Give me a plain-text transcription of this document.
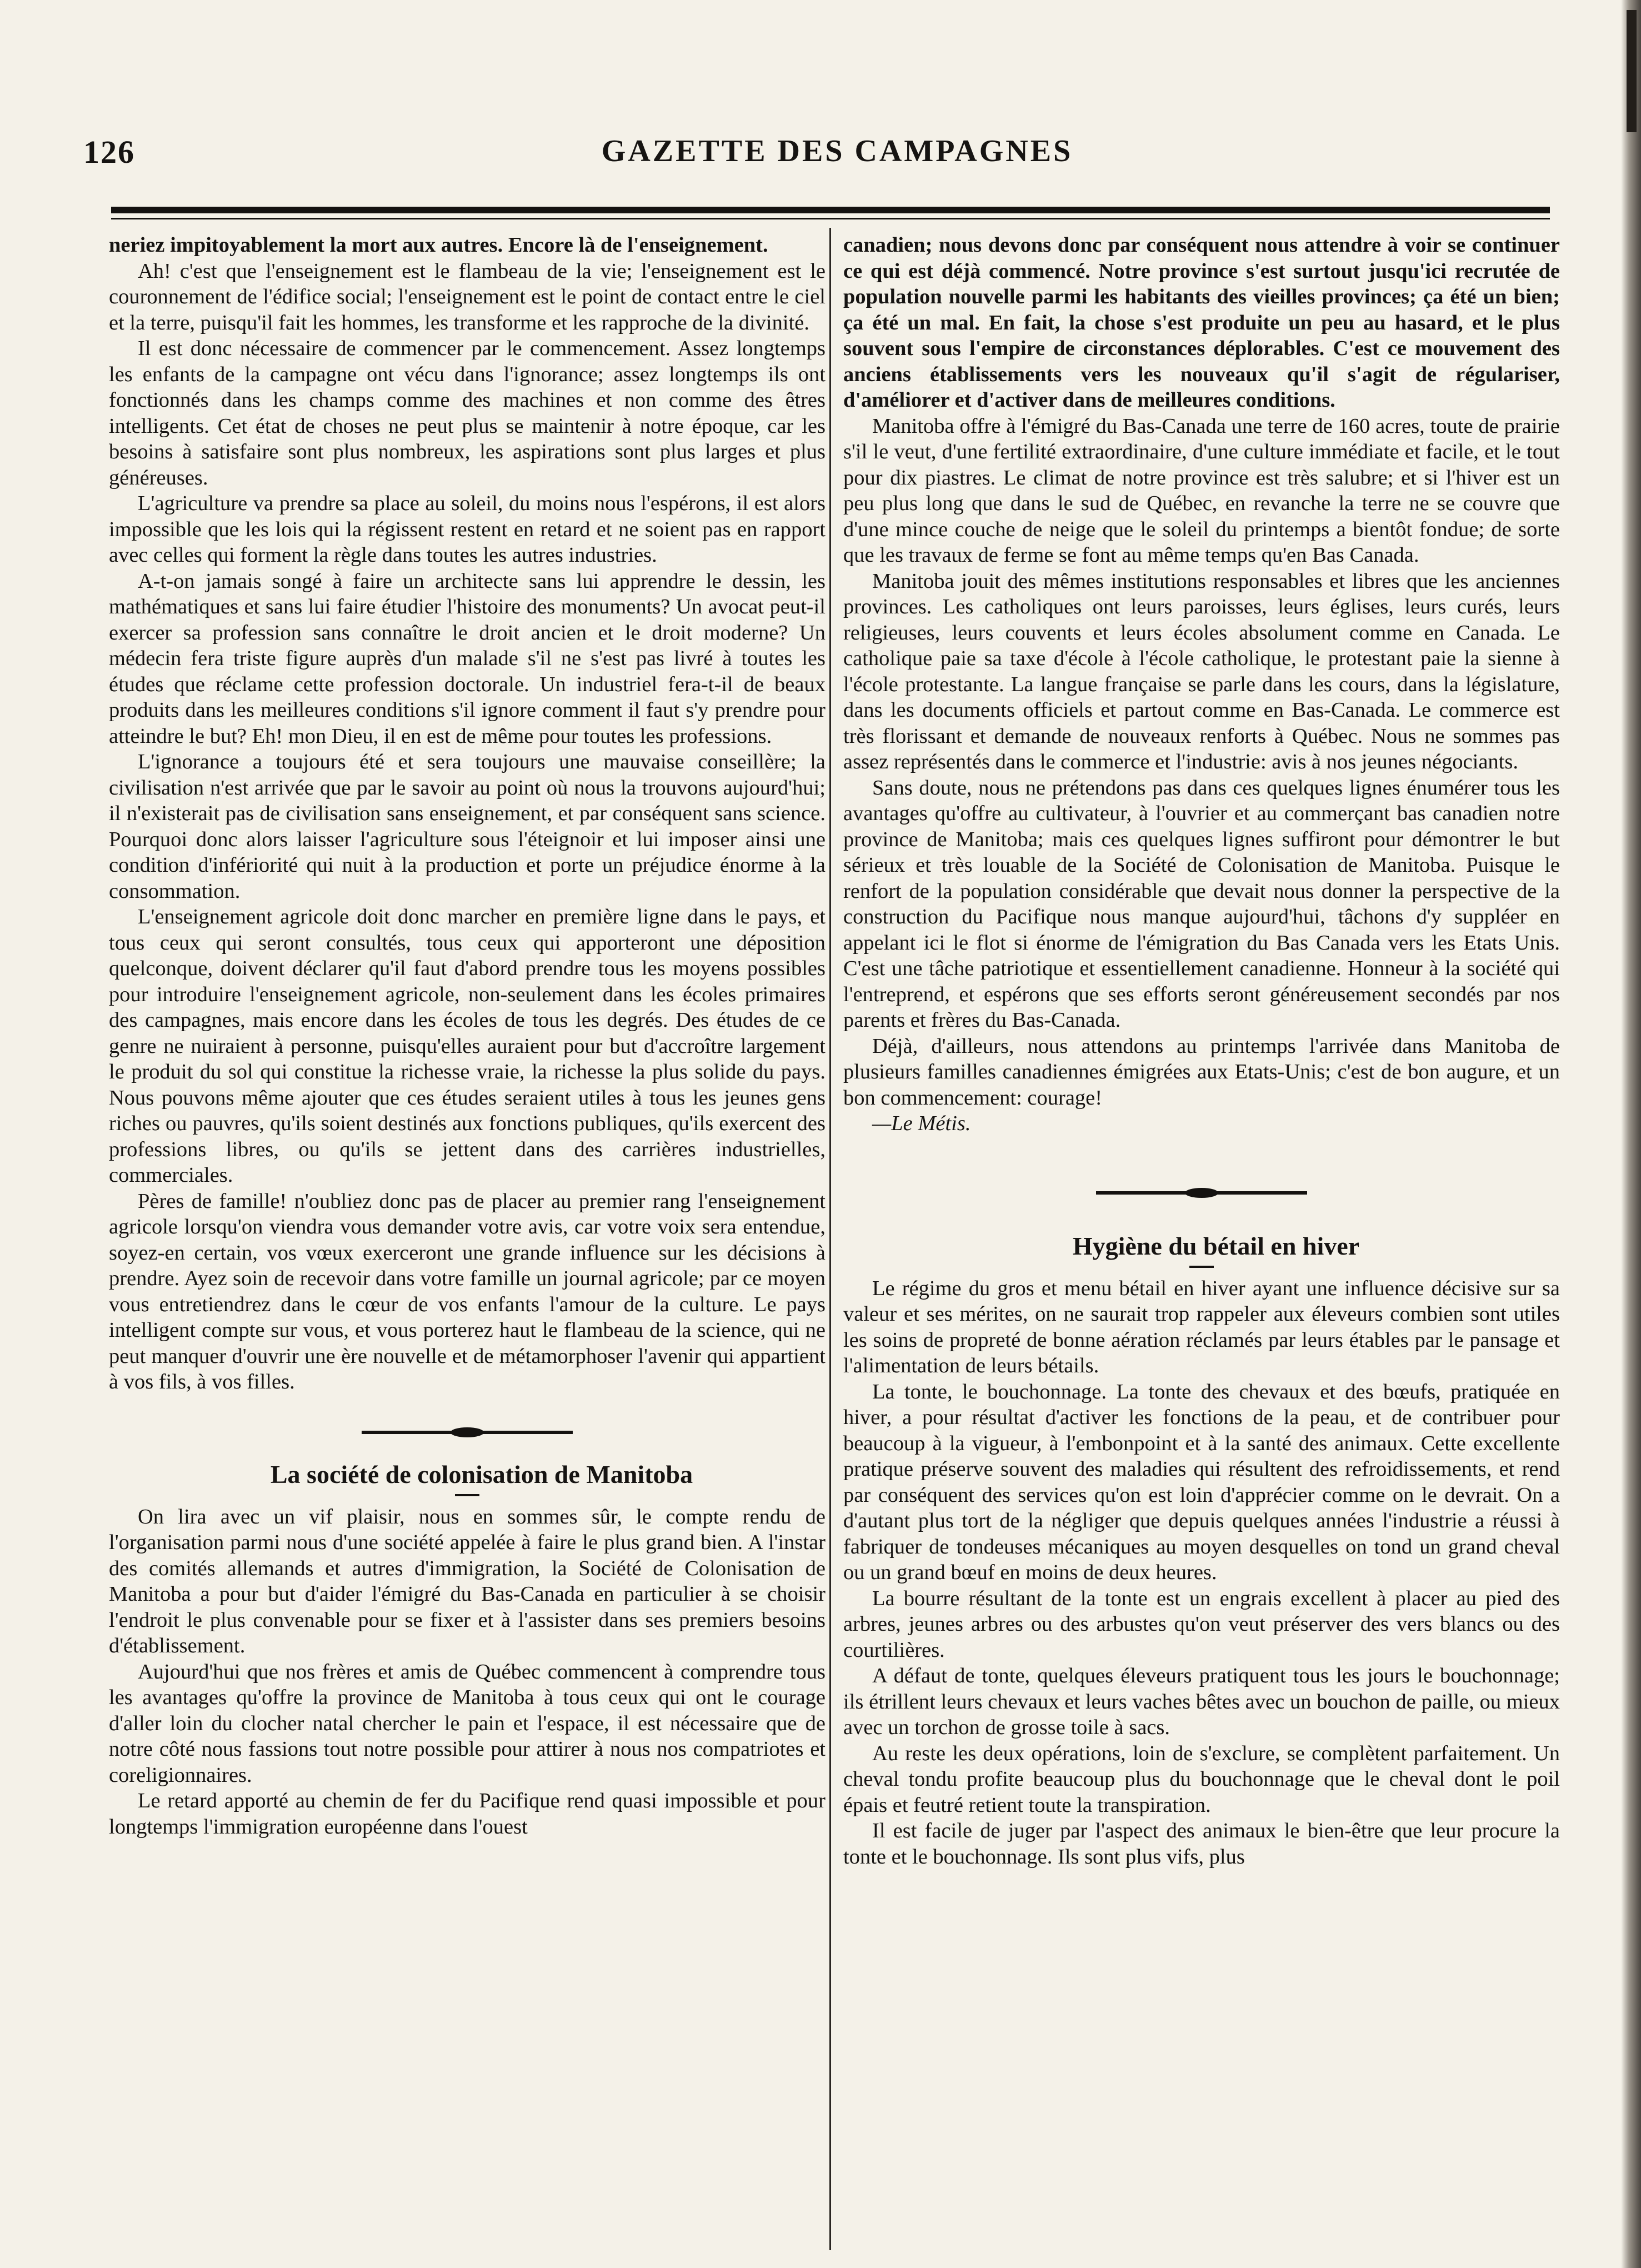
126	GAZETTE DES CAMPAGNES

neriez impitoyablement la mort aux autres. Encore là de l'enseignement.

Ah! c'est que l'enseignement est le flambeau de la vie; l'enseignement est le couronnement de l'édifice social; l'enseignement est le point de contact entre le ciel et la terre, puisqu'il fait les hommes, les transforme et les rapproche de la divinité.

Il est donc nécessaire de commencer par le commencement. Assez longtemps les enfants de la campagne ont vécu dans l'ignorance; assez longtemps ils ont fonctionnés dans les champs comme des machines et non comme des êtres intelligents. Cet état de choses ne peut plus se maintenir à notre époque, car les besoins à satisfaire sont plus nombreux, les aspirations sont plus larges et plus généreuses.

L'agriculture va prendre sa place au soleil, du moins nous l'espérons, il est alors impossible que les lois qui la régissent restent en retard et ne soient pas en rapport avec celles qui forment la règle dans toutes les autres industries.

A-t-on jamais songé à faire un architecte sans lui apprendre le dessin, les mathématiques et sans lui faire étudier l'histoire des monuments? Un avocat peut-il exercer sa profession sans connaître le droit ancien et le droit moderne? Un médecin fera triste figure auprès d'un malade s'il ne s'est pas livré à toutes les études que réclame cette profession doctorale. Un industriel fera-t-il de beaux produits dans les meilleures conditions s'il ignore comment il faut s'y prendre pour atteindre le but? Eh! mon Dieu, il en est de même pour toutes les professions.

L'ignorance a toujours été et sera toujours une mauvaise conseillère; la civilisation n'est arrivée que par le savoir au point où nous la trouvons aujourd'hui; il n'existerait pas de civilisation sans enseignement, et par conséquent sans science. Pourquoi donc alors laisser l'agriculture sous l'éteignoir et lui imposer ainsi une condition d'infériorité qui nuit à la production et porte un préjudice énorme à la consommation.

L'enseignement agricole doit donc marcher en première ligne dans le pays, et tous ceux qui seront consultés, tous ceux qui apporteront une déposition quelconque, doivent déclarer qu'il faut d'abord prendre tous les moyens possibles pour introduire l'enseignement agricole, non-seulement dans les écoles primaires des campagnes, mais encore dans les écoles de tous les degrés. Des études de ce genre ne nuiraient à personne, puisqu'elles auraient pour but d'accroître largement le produit du sol qui constitue la richesse vraie, la richesse la plus solide du pays. Nous pouvons même ajouter que ces études seraient utiles à tous les jeunes gens riches ou pauvres, qu'ils soient destinés aux fonctions publiques, qu'ils exercent des professions libres, ou qu'ils se jettent dans des carrières industrielles, commerciales.

Pères de famille! n'oubliez donc pas de placer au premier rang l'enseignement agricole lorsqu'on viendra vous demander votre avis, car votre voix sera entendue, soyez-en certain, vos vœux exerceront une grande influence sur les décisions à prendre. Ayez soin de recevoir dans votre famille un journal agricole; par ce moyen vous entretiendrez dans le cœur de vos enfants l'amour de la culture. Le pays intelligent compte sur vous, et vous porterez haut le flambeau de la science, qui ne peut manquer d'ouvrir une ère nouvelle et de métamorphoser l'avenir qui appartient à vos fils, à vos filles.

La société de colonisation de Manitoba

On lira avec un vif plaisir, nous en sommes sûr, le compte rendu de l'organisation parmi nous d'une société appelée à faire le plus grand bien. A l'instar des comités allemands et autres d'immigration, la Société de Colonisation de Manitoba a pour but d'aider l'émigré du Bas-Canada en particulier à se choisir l'endroit le plus convenable pour se fixer et à l'assister dans ses premiers besoins d'établissement.

Aujourd'hui que nos frères et amis de Québec commencent à comprendre tous les avantages qu'offre la province de Manitoba à tous ceux qui ont le courage d'aller loin du clocher natal chercher le pain et l'espace, il est nécessaire que de notre côté nous fassions tout notre possible pour attirer à nous nos compatriotes et coreligionnaires.

Le retard apporté au chemin de fer du Pacifique rend quasi impossible et pour longtemps l'immigration européenne dans l'ouest

canadien; nous devons donc par conséquent nous attendre à voir se continuer ce qui est déjà commencé. Notre province s'est surtout jusqu'ici recrutée de population nouvelle parmi les habitants des vieilles provinces; ça été un bien; ça été un mal. En fait, la chose s'est produite un peu au hasard, et le plus souvent sous l'empire de circonstances déplorables. C'est ce mouvement des anciens établissements vers les nouveaux qu'il s'agit de régulariser, d'améliorer et d'activer dans de meilleures conditions.

Manitoba offre à l'émigré du Bas-Canada une terre de 160 acres, toute de prairie s'il le veut, d'une fertilité extraordinaire, d'une culture immédiate et facile, et le tout pour dix piastres. Le climat de notre province est très salubre; et si l'hiver est un peu plus long que dans le sud de Québec, en revanche la terre ne se couvre que d'une mince couche de neige que le soleil du printemps a bientôt fondue; de sorte que les travaux de ferme se font au même temps qu'en Bas Canada.

Manitoba jouit des mêmes institutions responsables et libres que les anciennes provinces. Les catholiques ont leurs paroisses, leurs églises, leurs curés, leurs religieuses, leurs couvents et leurs écoles absolument comme en Canada. Le catholique paie sa taxe d'école à l'école catholique, le protestant paie la sienne à l'école protestante. La langue française se parle dans les cours, dans la législature, dans les documents officiels et partout comme en Bas-Canada. Le commerce est très florissant et demande de nouveaux renforts à Québec. Nous ne sommes pas assez représentés dans le commerce et l'industrie: avis à nos jeunes négociants.

Sans doute, nous ne prétendons pas dans ces quelques lignes énumérer tous les avantages qu'offre au cultivateur, à l'ouvrier et au commerçant bas canadien notre province de Manitoba; mais ces quelques lignes suffiront pour démontrer le but sérieux et très louable de la Société de Colonisation de Manitoba. Puisque le renfort de la population considérable que devait nous donner la perspective de la construction du Pacifique nous manque aujourd'hui, tâchons d'y suppléer en appelant ici le flot si énorme de l'émigration du Bas Canada vers les Etats Unis. C'est une tâche patriotique et essentiellement canadienne. Honneur à la société qui l'entreprend, et espérons que ses efforts seront généreusement secondés par nos parents et frères du Bas-Canada.

Déjà, d'ailleurs, nous attendons au printemps l'arrivée dans Manitoba de plusieurs familles canadiennes émigrées aux Etats-Unis; c'est de bon augure, et un bon commencement: courage!

—Le Métis.

Hygiène du bétail en hiver

Le régime du gros et menu bétail en hiver ayant une influence décisive sur sa valeur et ses mérites, on ne saurait trop rappeler aux éleveurs combien sont utiles les soins de propreté de bonne aération réclamés par leurs étables par le pansage et l'alimentation de leurs bétails.

La tonte, le bouchonnage. La tonte des chevaux et des bœufs, pratiquée en hiver, a pour résultat d'activer les fonctions de la peau, et de contribuer pour beaucoup à la vigueur, à l'embonpoint et à la santé des animaux. Cette excellente pratique préserve souvent des maladies qui résultent des refroidissements, et rend par conséquent des services qu'on est loin d'apprécier comme on le devrait. On a d'autant plus tort de la négliger que depuis quelques années l'industrie a réussi à fabriquer de tondeuses mécaniques au moyen desquelles on tond un grand cheval ou un grand bœuf en moins de deux heures.

La bourre résultant de la tonte est un engrais excellent à placer au pied des arbres, jeunes arbres ou des arbustes qu'on veut préserver des vers blancs ou des courtilières.

A défaut de tonte, quelques éleveurs pratiquent tous les jours le bouchonnage; ils étrillent leurs chevaux et leurs vaches bêtes avec un bouchon de paille, ou mieux avec un torchon de grosse toile à sacs.

Au reste les deux opérations, loin de s'exclure, se complètent parfaitement. Un cheval tondu profite beaucoup plus du bouchonnage que le cheval dont le poil épais et feutré retient toute la transpiration.

Il est facile de juger par l'aspect des animaux le bien-être que leur procure la tonte et le bouchonnage. Ils sont plus vifs, plus
